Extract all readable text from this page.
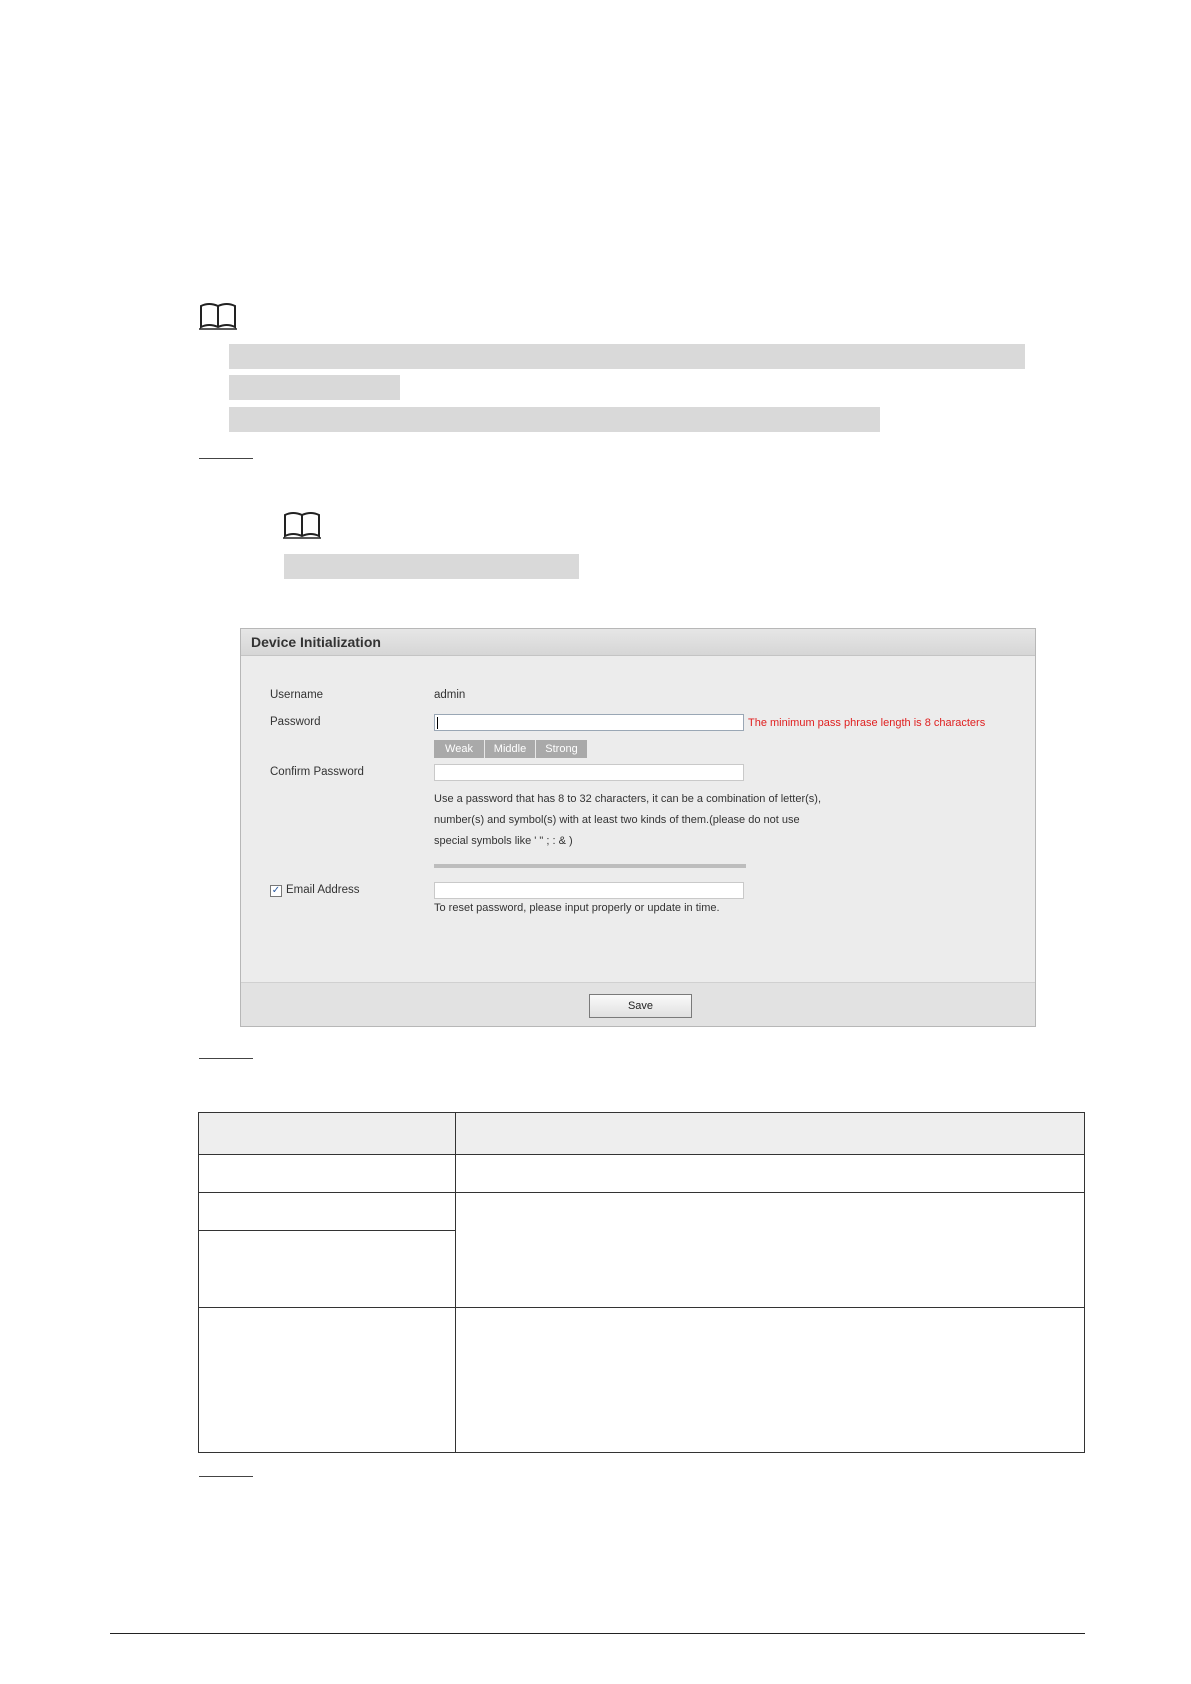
Device Initialization
Username	admin
Password	The minimum pass phrase length is 8 characters
Weak	Middle	Strong
Confirm Password
Use a password that has 8 to 32 characters, it can be a combination of letter(s),
number(s) and symbol(s) with at least two kinds of them.(please do not use
special symbols like ' " ; : & )
✓ Email Address
To reset password, please input properly or update in time.
Save
